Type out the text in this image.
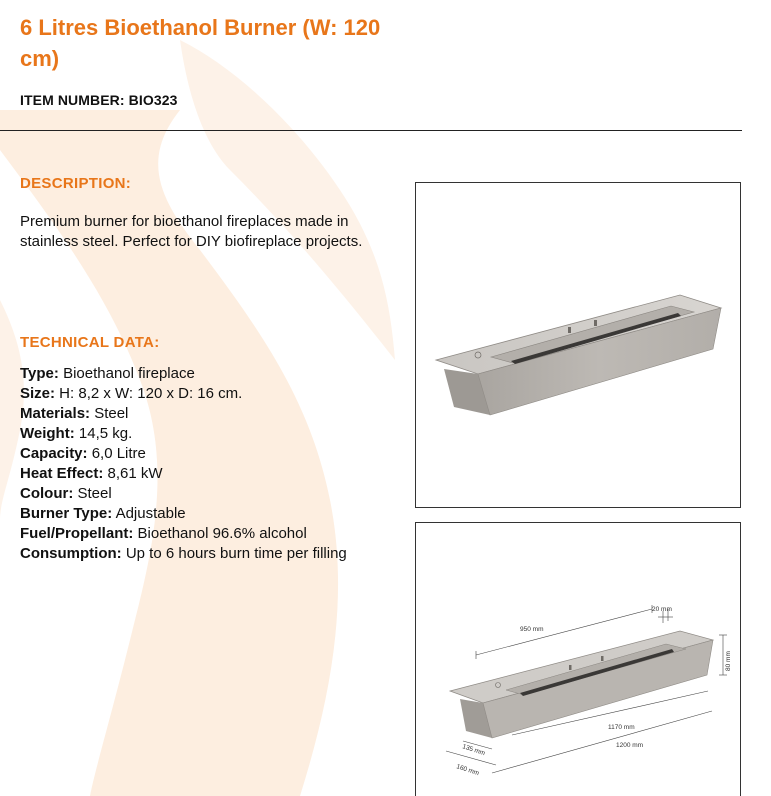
6 Litres Bioethanol Burner (W: 120 cm)
ITEM NUMBER: BIO323
DESCRIPTION:

Premium burner for bioethanol fireplaces made in stainless steel. Perfect for DIY biofireplace projects.

TECHNICAL DATA:
Type: Bioethanol fireplace
Size: H: 8,2 x W: 120 x D: 16 cm.
Materials: Steel
Weight: 14,5 kg.
Capacity: 6,0 Litre
Heat Effect: 8,61 kW
Colour: Steel
Burner Type: Adjustable
Fuel/Propellant: Bioethanol 96.6% alcohol
Consumption: Up to 6 hours burn time per filling
950 mm
20 mm
80 mm
1170 mm
1200 mm
135 mm
160 mm
